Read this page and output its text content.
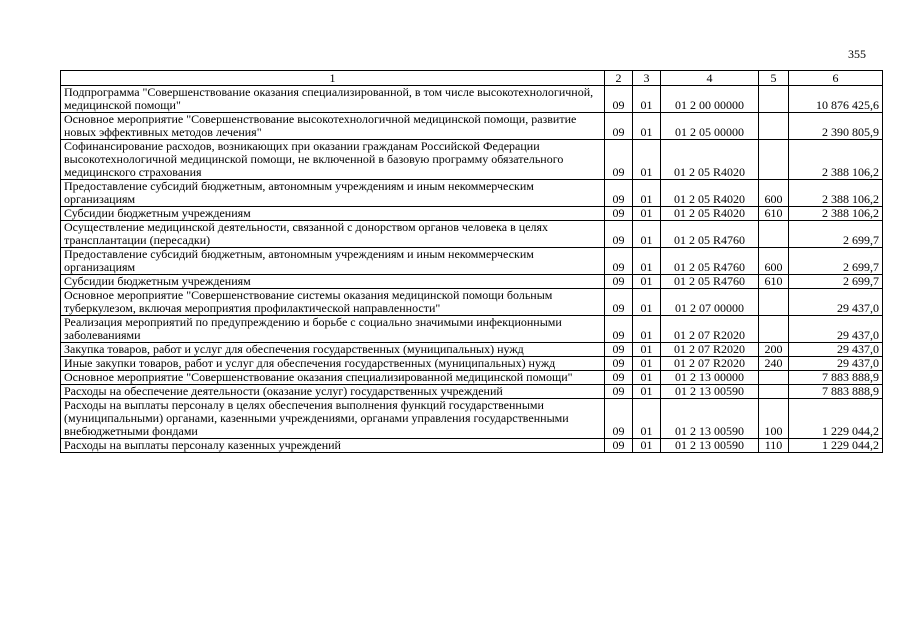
355
1	2	3	4	5	6
Подпрограмма "Совершенствование оказания специализированной, в том числе высокотехнологичной, медицинской помощи"	09	01	01 2 00 00000		10 876 425,6
Основное мероприятие "Совершенствование высокотехнологичной медицинской помощи, развитие новых эффективных методов лечения"	09	01	01 2 05 00000		2 390 805,9
Софинансирование расходов, возникающих при оказании гражданам Российской Федерации высокотехнологичной медицинской помощи, не включенной в базовую программу обязательного медицинского страхования	09	01	01 2 05 R4020		2 388 106,2
Предоставление субсидий бюджетным, автономным учреждениям и иным некоммерческим организациям	09	01	01 2 05 R4020	600	2 388 106,2
Субсидии бюджетным учреждениям	09	01	01 2 05 R4020	610	2 388 106,2
Осуществление медицинской деятельности, связанной с донорством органов человека в целях трансплантации (пересадки)	09	01	01 2 05 R4760		2 699,7
Предоставление субсидий бюджетным, автономным учреждениям и иным некоммерческим организациям	09	01	01 2 05 R4760	600	2 699,7
Субсидии бюджетным учреждениям	09	01	01 2 05 R4760	610	2 699,7
Основное мероприятие "Совершенствование системы оказания медицинской помощи больным туберкулезом, включая мероприятия профилактической направленности"	09	01	01 2 07 00000		29 437,0
Реализация мероприятий по предупреждению и борьбе с социально значимыми инфекционными заболеваниями	09	01	01 2 07 R2020		29 437,0
Закупка товаров, работ и услуг для обеспечения государственных (муниципальных) нужд	09	01	01 2 07 R2020	200	29 437,0
Иные закупки товаров, работ и услуг для обеспечения государственных (муниципальных) нужд	09	01	01 2 07 R2020	240	29 437,0
Основное мероприятие "Совершенствование оказания специализированной медицинской помощи"	09	01	01 2 13 00000		7 883 888,9
Расходы на обеспечение деятельности (оказание услуг) государственных учреждений	09	01	01 2 13 00590		7 883 888,9
Расходы на выплаты персоналу в целях обеспечения выполнения функций государственными (муниципальными) органами, казенными учреждениями, органами управления государственными внебюджетными фондами	09	01	01 2 13 00590	100	1 229 044,2
Расходы на выплаты персоналу казенных учреждений	09	01	01 2 13 00590	110	1 229 044,2
